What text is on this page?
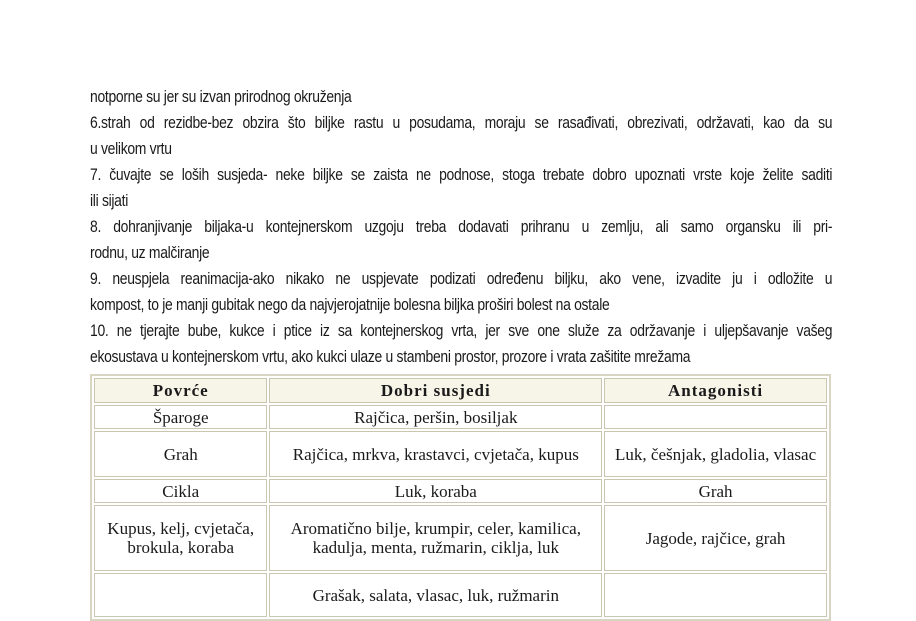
notporne su jer su izvan prirodnog okruženja
6.strah od rezidbe-bez obzira što biljke rastu u posudama, moraju se rasađivati, obrezivati, održavati, kao da su
u velikom vrtu
7. čuvajte se loših susjeda- neke biljke se zaista ne podnose, stoga trebate dobro upoznati vrste koje želite saditi
ili sijati
8. dohranjivanje biljaka-u kontejnerskom uzgoju treba dodavati prihranu u zemlju, ali samo organsku ili pri-
rodnu, uz malčiranje
9. neuspjela reanimacija-ako nikako ne uspjevate podizati određenu biljku, ako vene, izvadite ju i odložite u
kompost, to je manji gubitak nego da najvjerojatnije bolesna biljka proširi bolest na ostale
10. ne tjerajte bube, kukce i ptice iz sa kontejnerskog vrta, jer sve one služe za održavanje i uljepšavanje vašeg
ekosustava u kontejnerskom vrtu, ako kukci ulaze u stambeni prostor, prozore i vrata zašitite mrežama
Povrće	Dobri susjedi	Antagonisti
Šparoge	Rajčica, peršin, bosiljak	
Grah	Rajčica, mrkva, krastavci, cvjetača, kupus	Luk, češnjak, gladolia, vlasac
Cikla	Luk, koraba	Grah
Kupus, kelj, cvjetača, brokula, koraba	Aromatično bilje, krumpir, celer, kamilica, kadulja, menta, ružmarin, ciklja, luk	Jagode, rajčice, grah
	Grašak, salata, vlasac, luk, ružmarin	
